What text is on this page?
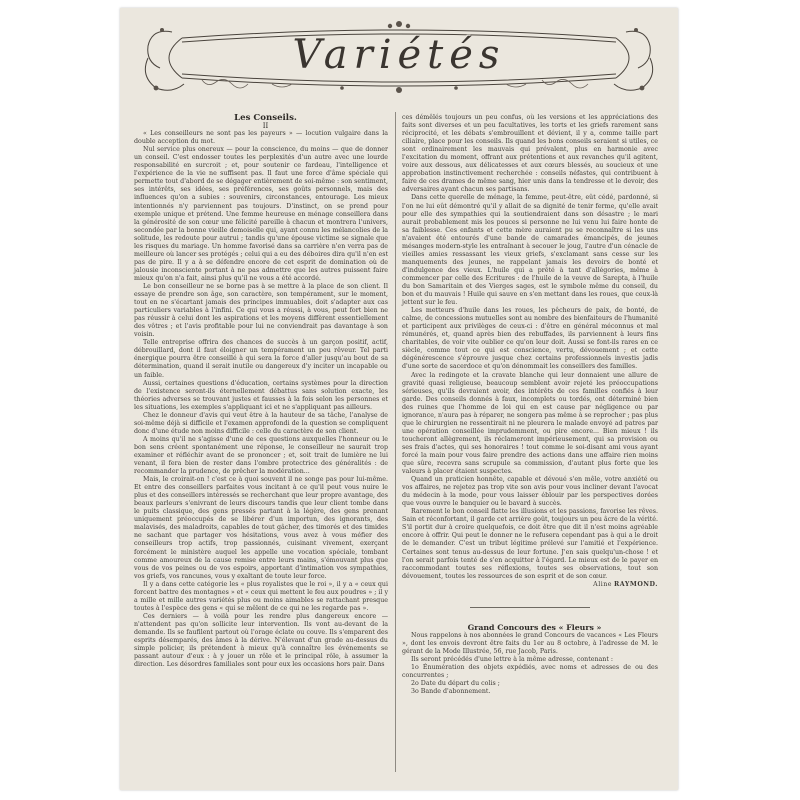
Variétés

Les Conseils.

II

« Les conseilleurs ne sont pas les payeurs » — locution vulgaire dans la double acception du mot.

Nul service plus onereux — pour la conscience, du moins — que de donner un conseil. C'est endosser toutes les perplexités d'un autre avec une lourde responsabilité en surcroit ; et, pour soutenir ce fardeau, l'intelligence et l'expérience de la vie ne suffisent pas. Il faut une force d'âme spéciale qui permette tout d'abord de se dégager entièrement de soi-même : son sentiment, ses intérêts, ses idées, ses préférences, ses goûts personnels, mais des influences qu'on a subies : souvenirs, circonstances, entourage. Les mieux intentionnés n'y parviennent pas toujours. D'instinct, on se prend pour exemple unique et prétend. Une femme heureuse en ménage conseillera dans la générosité de son cœur une félicité pareille à chacun et montrera l'univers, secondée par la bonne vieille demoiselle qui, ayant connu les mélancolies de la solitude, les redoute pour autrui ; tandis qu'une épouse victime se signale que les risques du mariage. Un homme favorisé dans sa carrière n'en verra pas de meilleure où lancer ses protégés ; celui qui a eu des déboires dira qu'il n'en est pas de pire. Il y a à se défendre encore de cet esprit de domination où de jalousie inconsciente portant à ne pas admettre que les autres puissent faire mieux qu'on n'a fait, ainsi plus qu'il ne vous a été accordé.

Le bon conseilleur ne se borne pas à se mettre à la place de son client. Il essaye de prendre son âge, son caractère, son tempérament, sur le moment, tout en ne s'écartant jamais des principes immuables, doit s'adapter aux cas particuliers variables à l'infini. Ce qui vous a réussi, à vous, peut fort bien ne pas réussir à celui dont les aspirations et les moyens diffèrent essentiellement des vôtres ; et l'avis profitable pour lui ne conviendrait pas davantage à son voisin.

Telle entreprise offrira des chances de succès à un garçon positif, actif, débrouillard, dont il faut éloigner un tempérament un peu rêveur. Tel parti énergique pourra être conseillé à qui sera la force d'aller jusqu'au bout de sa détermination, quand il serait inutile ou dangereux d'y inciter un incapable ou un faible.

Aussi, certaines questions d'éducation, certains systèmes pour la direction de l'existence seront-ils éternellement débattus sans solution exacte, les théories adverses se trouvant justes et fausses à la fois selon les personnes et les situations, les exemples s'appliquant ici et ne s'appliquant pas ailleurs.

Chez le donneur d'avis qui veut être à la hauteur de sa tâche, l'analyse de soi-même déjà si difficile et l'examen approfondi de la question se compliquent donc d'une étude non moins difficile : celle du caractère de son client.

A moins qu'il ne s'agisse d'une de ces questions auxquelles l'honneur ou le bon sens créent spontanément une réponse, le conseilleur ne saurait trop examiner et réfléchir avant de se prononcer ; et, soit trait de lumière ne lui venant, il fera bien de rester dans l'ombre protectrice des généralités : de recommander la prudence, de prêcher la modération...

Mais, le croirait-on ! c'est ce à quoi souvent il ne songe pas pour lui-même. Et entre des conseillers parfaites vous incitant à ce qu'il peut vous nuire le plus et des conseillers intéressés se recherchant que leur propre avantage, des beaux parleurs s'enivrant de leurs discours tandis que leur client tombe dans le puits classique, des gens pressés partant à la légère, des gens prenant uniquement préoccupés de se libérer d'un importun, des ignorants, des malavisés, des maladroits, capables de tout gâcher, des timorés et des timides ne sachant que partager vos hésitations, vous avez à vous méfier des conseilleurs trop actifs, trop passionnés, cuisinant vivement, exerçant forcément le ministère auquel les appelle une vocation spéciale, tombant comme amoureux de la cause remise entre leurs mains, s'émouvant plus que vous de vos peines ou de vos espoirs, apportant d'intimation vos sympathies, vos griefs, vos rancunes, vous y exaltant de toute leur force.

Il y a dans cette catégorie les « plus royalistes que le roi », il y a « ceux qui forcent battre des montagnes » et « ceux qui mettent le feu aux poudres » ; il y a mille et mille autres variétés plus ou moins aimables se rattachant presque toutes à l'espèce des gens « qui se mêlent de ce qui ne les regarde pas ».

Ces derniers — à voilà pour les rendre plus dangereux encore — n'attendent pas qu'on sollicite leur intervention. Ils vont au-devant de la demande. Ils se faufilent partout où l'orage éclate ou couve. Ils s'emparent des esprits désemparés, des âmes à la dérive. N'élevant d'un grade au-dessus du simple policier, ils prétendent à mieux qu'à connaître les événements se passant autour d'eux : à y jouer un rôle et le principal rôle, à assumer la direction. Les désordres familiales sont pour eux les occasions hors pair. Dans

ces démêlés toujours un peu confus, où les versions et les appréciations des faits sont diverses et un peu facultatives, les torts et les griefs rarement sans réciprocité, et les débats s'embrouillent et dévient, il y a, comme taille part ciliaire, place pour les conseils. Ils quand les bons conseils seraient si utiles, ce sont ordinairement les mauvais qui prévalent, plus en harmonie avec l'excitation du moment, offrant aux prétentions et aux revanches qu'il agitent, voire aux dessous, aux délicatesses et aux cœurs blessés, au soucieux et une approbation instinctivement recherchée : conseils néfastes, qui contribuent à faire de ces drames de même sang, hier unis dans la tendresse et le devoir, des adversaires ayant chacun ses partisans.

Dans cette querelle de ménage, la femme, peut-être, eût cédé, pardonné, si l'on ne lui eût démontré qu'il y allait de sa dignité de tenir ferme, qu'elle avait pour elle des sympathies qui la soutiendraient dans son désastre ; le mari aurait probablement mis les pouces si personne ne lui venu lui faire honte de sa faiblesse. Ces enfants et cette mère auraient pu se reconnaître si les uns n'avaient été entourés d'une bande de camarades émancipés, de jeunes mésanges modern-style les entraînant à secouer le joug, l'autre d'un cénacle de vieilles amies ressassant les vieux griefs, s'exclamant sans cesse sur les manquements des jeunes, ne rappelant jamais les devoirs de bonté et d'indulgence des vieux. L'huile qui a prêté à tant d'allégories, même à commencer par celle des Ecritures : de l'huile de la veuve de Sarepta, à l'huile du bon Samaritain et des Vierges sages, est le symbole même du conseil, du bon et du mauvais ! Huile qui sauve en s'en mettant dans les roues, que ceux-là jettent sur le feu.

Les metteurs d'huile dans les roues, les pêcheurs de paix, de bonté, de calme, de concessions mutuelles sont au nombre des bienfaiteurs de l'humanité et participent aux privilèges de ceux-ci : d'être en général méconnus et mal rémunérés, et, quand après bien des rebuffades, ils parviennent à leurs fins charitables, de voir vite oublier ce qu'on leur doit. Aussi se font-ils rares en ce siècle, comme tout ce qui est conscience, vertu, dévouement ; et cette dégénérescence s'éprouve jusque chez certains professionnels investis jadis d'une sorte de sacerdoce et qu'on dénommait les conseillers des familles.

Avec la redingote et la cravate blanche qui leur donnaient une allure de gravité quasi religieuse, beaucoup semblent avoir rejeté les préoccupations sérieuses, qu'ils devraient avoir, des intérêts de ces familles confiés à leur garde. Des conseils donnés à faux, incomplets ou tordés, ont déterminé bien des ruines que l'homme de loi qui en est cause par négligence ou par ignorance, n'aura pas à réparer, ne songera pas même à se reprocher ; pas plus que le chirurgien ne ressentirait ni ne pleurera le malade envoyé ad patres par une opération conseillée imprudemment, ou pire encore... Bien mieux ! ils toucheront allègrement, ils réclameront impérieusement, qui sa provision ou ses frais d'actes, qui ses honoraires ! tout comme le soi-disant ami vous ayant forcé la main pour vous faire prendre des actions dans une affaire rien moins que sûre, recevra sans scrupule sa commission, d'autant plus forte que les valeurs à placer étaient suspectes.

Quand un praticien honnête, capable et dévoué s'en mêle, votre anxiété ou vos affaires, ne rejetez pas trop vite son avis pour vous incliner devant l'avocat du médecin à la mode, pour vous laisser éblouir par les perspectives dorées que vous ouvre le banquier ou le bavard à succès.

Rarement le bon conseil flatte les illusions et les passions, favorise les rêves. Sain et réconfortant, il garde cet arrière goût, toujours un peu âcre de la vérité. S'il portit dur à croire quelquefois, ce doit être que dit il n'est moins agréable encore à offrir. Qui peut le donner ne le refusera cependant pas à qui a le droit de le demander. C'est un tribut légitime prélevé sur l'amitié et l'expérience. Certaines sont tenus au-dessus de leur fortune. J'en sais quelqu'un-chose ! et l'on serait parfois tenté de s'en acquitter à l'égard. Le mieux est de le payer en raccommodant toutes ses réflexions, toutes ses observations, tout son dévouement, toutes les ressources de son esprit et de son cœur.

Aline RAYMOND.

Grand Concours des « Fleurs »

Nous rappelons à nos abonnées le grand Concours de vacances « Les Fleurs », dont les envois devront être faits du 1er au 8 octobre, à l'adresse de M. le gérant de la Mode Illustrée, 56, rue Jacob, Paris.

Ils seront précédés d'une lettre à la même adresse, contenant :

1o Énumération des objets expédiés, avec noms et adresses de ou des concurrentes ;

2o Date du départ du colis ;

3o Bande d'abonnement.
